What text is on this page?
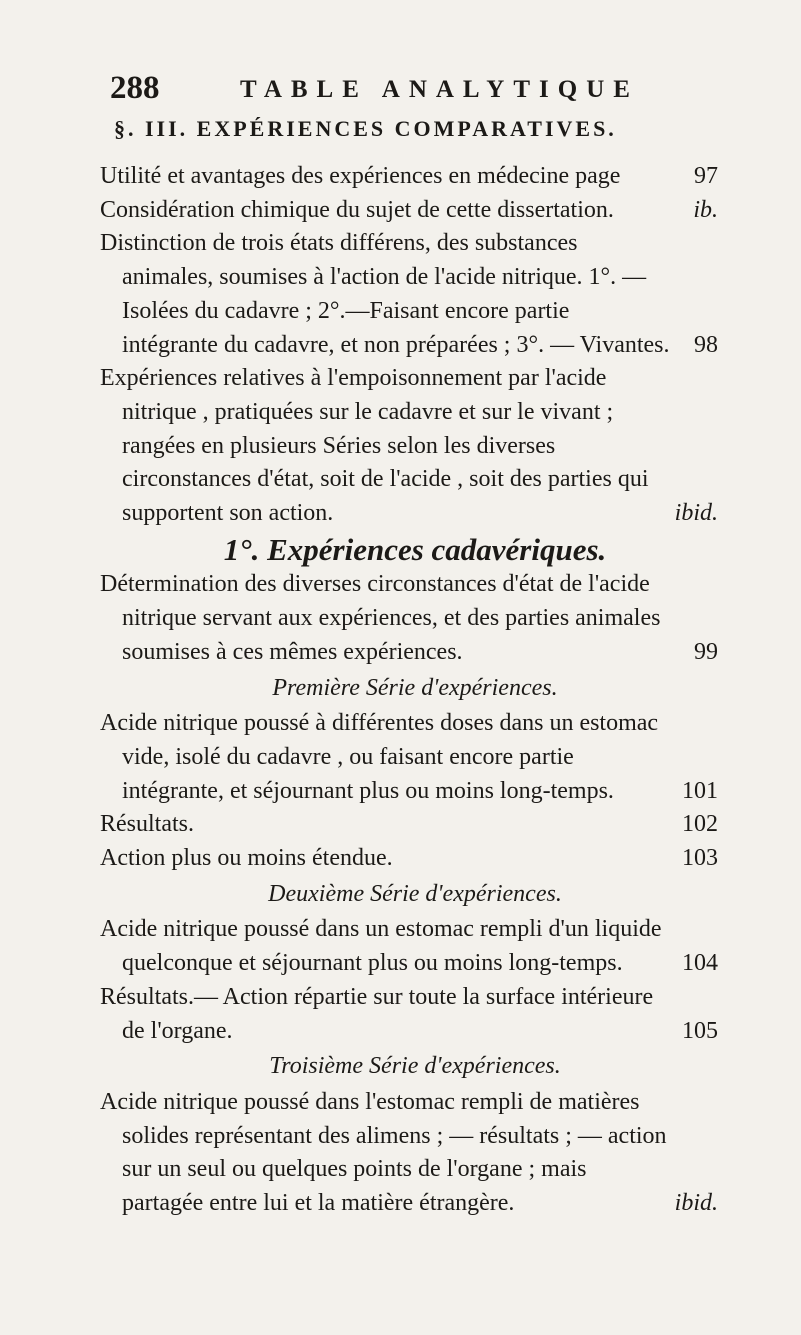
288	TABLE ANALYTIQUE
§. III. EXPÉRIENCES COMPARATIVES.
Utilité et avantages des expériences en médecine page	97
Considération chimique du sujet de cette dissertation.	ib.
Distinction de trois états différens, des substances animales, soumises à l'action de l'acide nitrique. 1°. — Isolées du cadavre ; 2°.—Faisant encore partie intégrante du cadavre, et non préparées ; 3°. — Vivantes.	98
Expériences relatives à l'empoisonnement par l'acide nitrique , pratiquées sur le cadavre et sur le vivant ; rangées en plusieurs Séries selon les diverses circonstances d'état, soit de l'acide , soit des parties qui supportent son action.	ibid.
1°. Expériences cadavériques.
Détermination des diverses circonstances d'état de l'acide nitrique servant aux expériences, et des parties animales soumises à ces mêmes expériences.	99
Première Série d'expériences.
Acide nitrique poussé à différentes doses dans un estomac vide, isolé du cadavre , ou faisant encore partie intégrante, et séjournant plus ou moins long-temps.	101
Résultats.	102
Action plus ou moins étendue.	103
Deuxième Série d'expériences.
Acide nitrique poussé dans un estomac rempli d'un liquide quelconque et séjournant plus ou moins long-temps.	104
Résultats.— Action répartie sur toute la surface intérieure de l'organe.	105
Troisième Série d'expériences.
Acide nitrique poussé dans l'estomac rempli de matières solides représentant des alimens ; — résultats ; — action sur un seul ou quelques points de l'organe ; mais partagée entre lui et la matière étrangère.	ibid.
